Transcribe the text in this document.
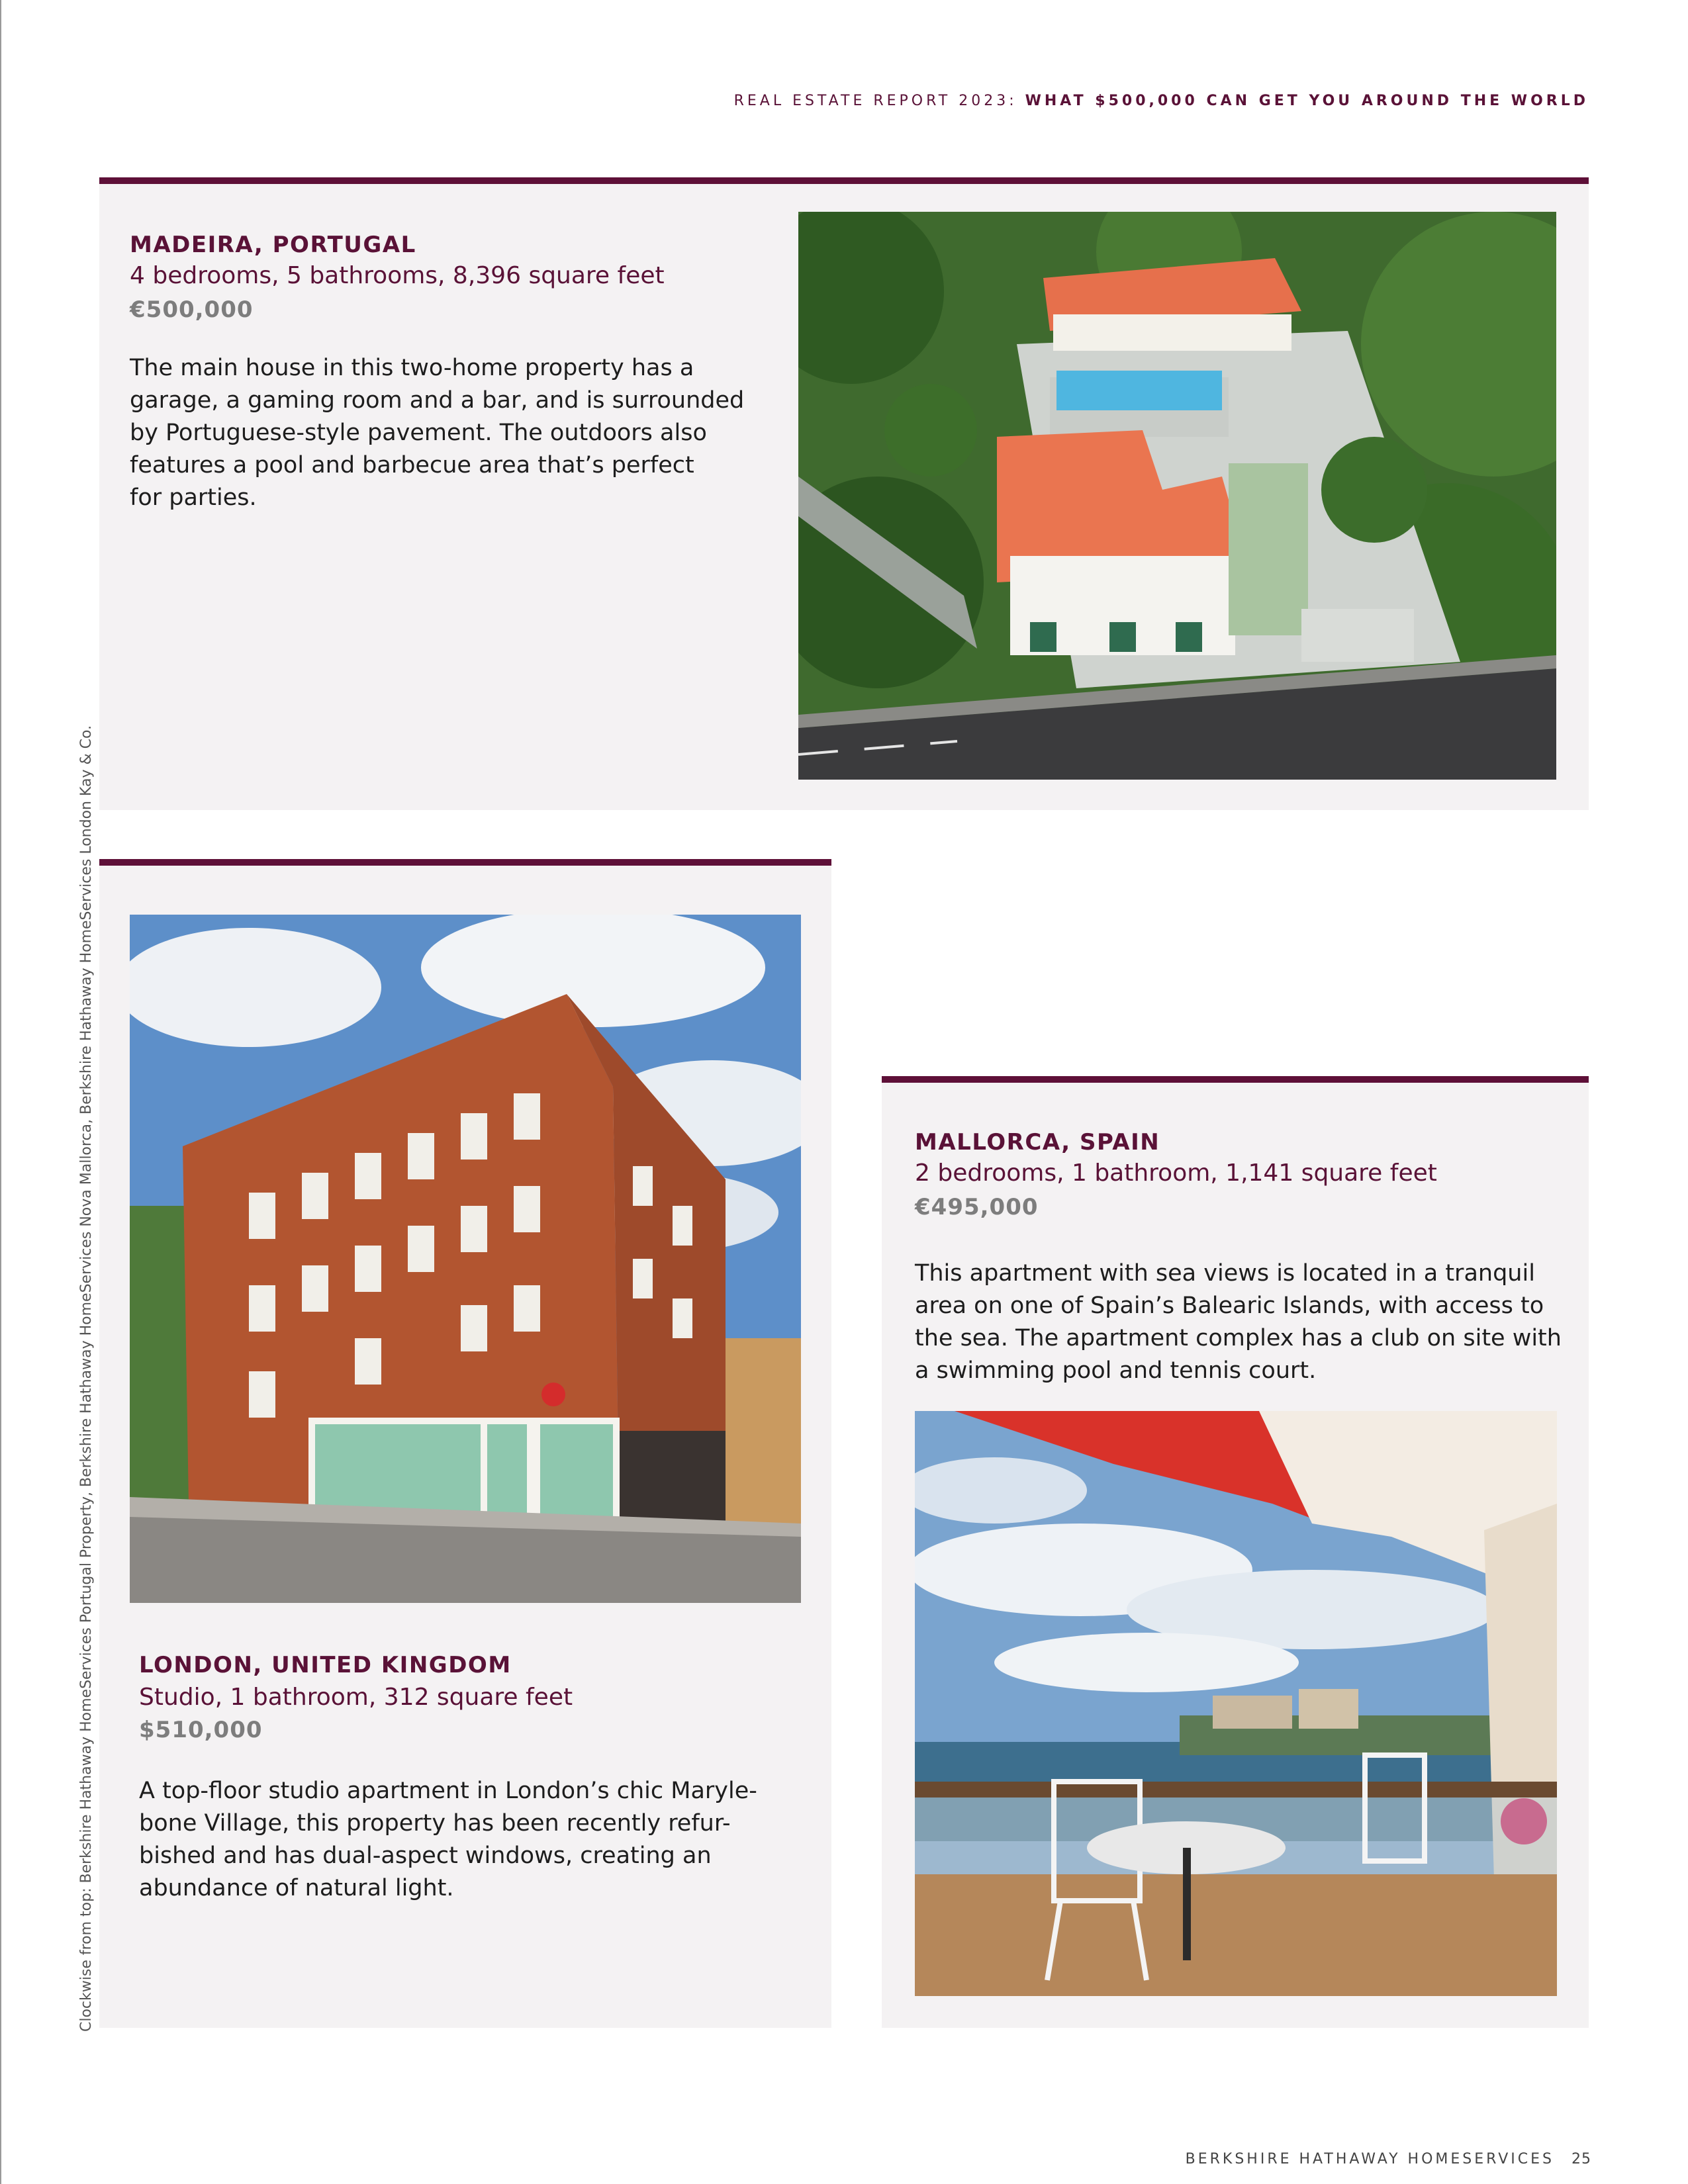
REAL ESTATE REPORT 2023: WHAT $500,000 CAN GET YOU AROUND THE WORLD
MADEIRA, PORTUGAL
4 bedrooms, 5 bathrooms, 8,396 square feet
€500,000
The main house in this two-home property has a
garage, a gaming room and a bar, and is surrounded
by Portuguese-style pavement. The outdoors also
features a pool and barbecue area that’s perfect
for parties.
LONDON, UNITED KINGDOM
Studio, 1 bathroom, 312 square feet
$510,000
A top-floor studio apartment in London’s chic Maryle-
bone Village, this property has been recently refur-
bished and has dual-aspect windows, creating an
abundance of natural light.
MALLORCA, SPAIN
2 bedrooms, 1 bathroom, 1,141 square feet
€495,000
This apartment with sea views is located in a tranquil
area on one of Spain’s Balearic Islands, with access to
the sea. The apartment complex has a club on site with
a swimming pool and tennis court.
Clockwise from top: Berkshire Hathaway HomeServices Portugal Property, Berkshire Hathaway HomeServices Nova Mallorca, Berkshire Hathaway HomeServices London Kay & Co.
BERKSHIRE HATHAWAY HOMESERVICES 25
